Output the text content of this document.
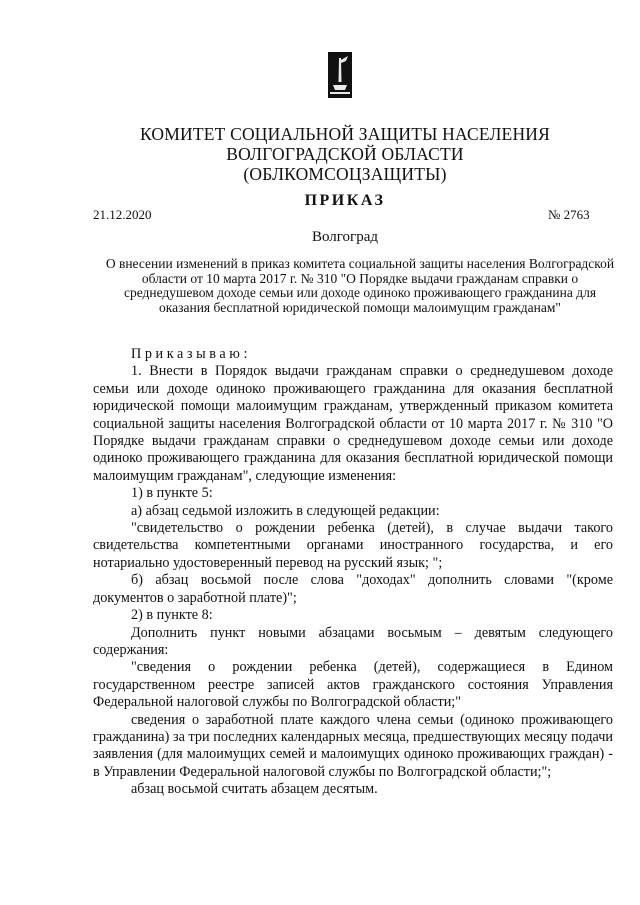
КОМИТЕТ СОЦИАЛЬНОЙ ЗАЩИТЫ НАСЕЛЕНИЯ
ВОЛГОГРАДСКОЙ ОБЛАСТИ
(ОБЛКОМСОЦЗАЩИТЫ)
ПРИКАЗ
21.12.2020	№ 2763
Волгоград
О внесении изменений в приказ комитета социальной защиты населения Волгоградской области от 10 марта 2017 г. № 310 "О Порядке выдачи гражданам справки о среднедушевом доходе семьи или доходе одиноко проживающего гражданина для оказания бесплатной юридической помощи малоимущим гражданам"

Приказываю:

1. Внести в Порядок выдачи гражданам справки о среднедушевом доходе семьи или доходе одиноко проживающего гражданина для оказания бесплатной юридической помощи малоимущим гражданам, утвержденный приказом комитета социальной защиты населения Волгоградской области от 10 марта 2017 г. № 310 "О Порядке выдачи гражданам справки о среднедушевом доходе семьи или доходе одиноко проживающего гражданина для оказания бесплатной юридической помощи малоимущим гражданам", следующие изменения:

1) в пункте 5:

а) абзац седьмой изложить в следующей редакции:

"свидетельство о рождении ребенка (детей), в случае выдачи такого свидетельства компетентными органами иностранного государства, и его нотариально удостоверенный перевод на русский язык; ";

б) абзац восьмой после слова "доходах" дополнить словами "(кроме документов о заработной плате)";

2) в пункте 8:

Дополнить пункт новыми абзацами восьмым – девятым следующего содержания:

"сведения о рождении ребенка (детей), содержащиеся в Едином государственном реестре записей актов гражданского состояния Управления Федеральной налоговой службы по Волгоградской области;"

сведения о заработной плате каждого члена семьи (одиноко проживающего гражданина) за три последних календарных месяца, предшествующих месяцу подачи заявления (для малоимущих семей и малоимущих одиноко проживающих граждан) - в Управлении Федеральной налоговой службы по Волгоградской области;";

абзац восьмой считать абзацем десятым.
